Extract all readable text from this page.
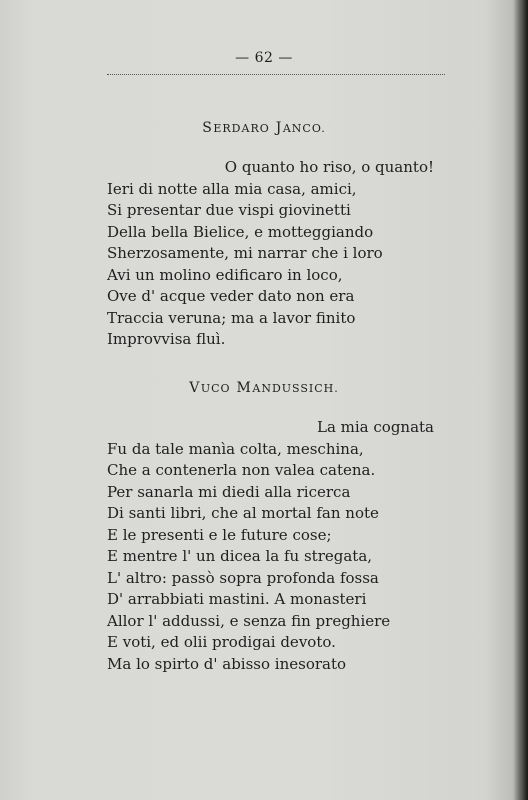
— 62 —
SERDARO JANCO.
O quanto ho riso, o quanto!
Ieri di notte alla mia casa, amici,
Si presentar due vispi giovinetti
Della bella Bielice, e motteggiando
Sherzosamente, mi narrar che i loro
Avi un molino edificaro in loco,
Ove d' acque veder dato non era
Traccia veruna; ma a lavor finito
Improvvisa fluì.
VUCO MANDUSSICH.
La mia cognata
Fu da tale manìa colta, meschina,
Che a contenerla non valea catena.
Per sanarla mi diedi alla ricerca
Di santi libri, che al mortal fan note
E le presenti e le future cose;
E mentre l' un dicea la fu stregata,
L' altro: passò sopra profonda fossa
D' arrabbiati mastini. A monasteri
Allor l' addussi, e senza fin preghiere
E voti, ed olii prodigai devoto.
Ma lo spirto d' abisso inesorato
